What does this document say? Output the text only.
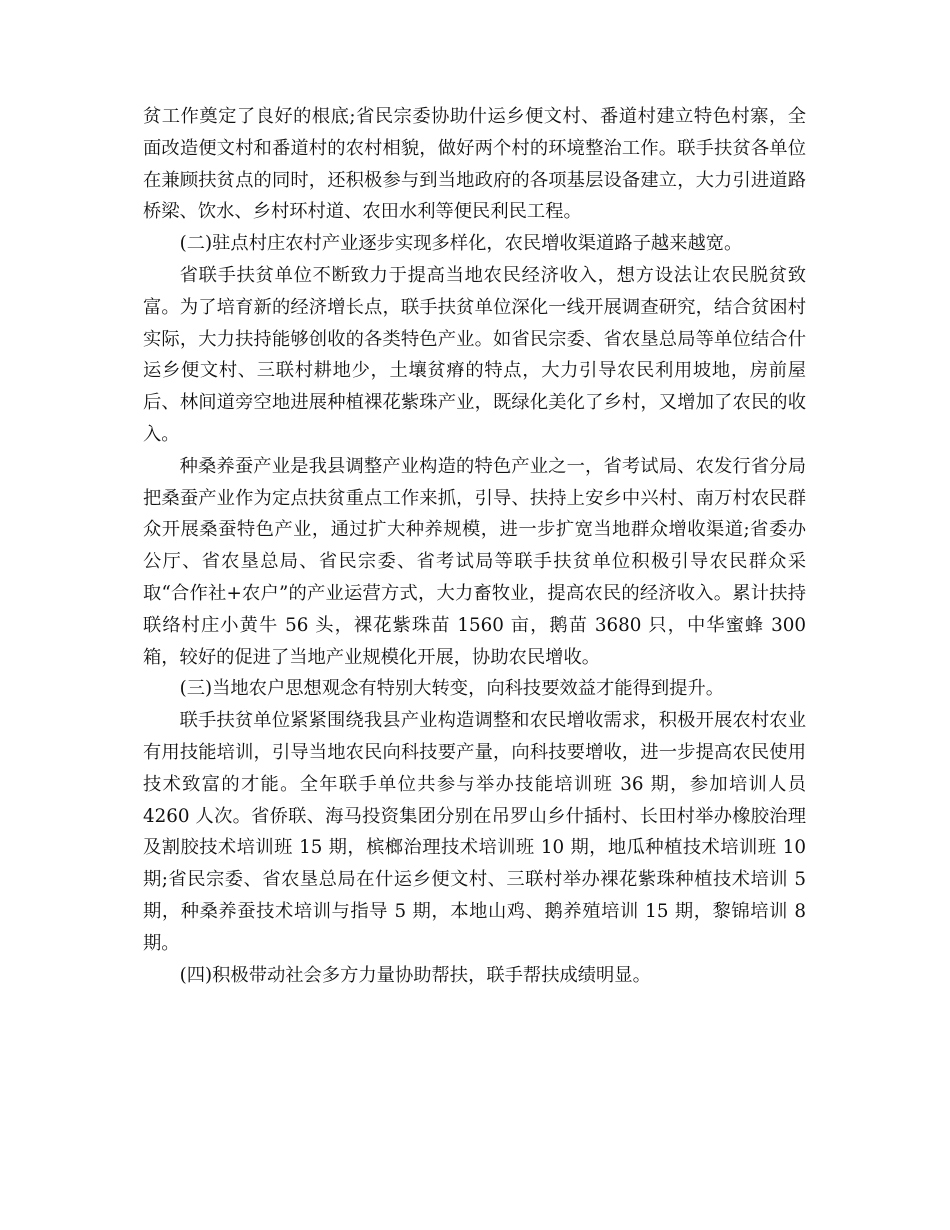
贫工作奠定了良好的根底;省民宗委协助什运乡便文村、番道村建立特色村寨，全面改造便文村和番道村的农村相貌，做好两个村的环境整治工作。联手扶贫各单位在兼顾扶贫点的同时，还积极参与到当地政府的各项基层设备建立，大力引进道路桥梁、饮水、乡村环村道、农田水利等便民利民工程。

(二)驻点村庄农村产业逐步实现多样化，农民增收渠道路子越来越宽。

省联手扶贫单位不断致力于提高当地农民经济收入，想方设法让农民脱贫致富。为了培育新的经济增长点，联手扶贫单位深化一线开展调查研究，结合贫困村实际，大力扶持能够创收的各类特色产业。如省民宗委、省农垦总局等单位结合什运乡便文村、三联村耕地少，土壤贫瘠的特点，大力引导农民利用坡地，房前屋后、林间道旁空地进展种植裸花紫珠产业，既绿化美化了乡村，又增加了农民的收入。

种桑养蚕产业是我县调整产业构造的特色产业之一，省考试局、农发行省分局把桑蚕产业作为定点扶贫重点工作来抓，引导、扶持上安乡中兴村、南万村农民群众开展桑蚕特色产业，通过扩大种养规模，进一步扩宽当地群众增收渠道;省委办公厅、省农垦总局、省民宗委、省考试局等联手扶贫单位积极引导农民群众采取“合作社+农户”的产业运营方式，大力畜牧业，提高农民的经济收入。累计扶持联络村庄小黄牛 56 头，裸花紫珠苗 1560 亩，鹅苗 3680 只，中华蜜蜂 300 箱，较好的促进了当地产业规模化开展，协助农民增收。

(三)当地农户思想观念有特别大转变，向科技要效益才能得到提升。

联手扶贫单位紧紧围绕我县产业构造调整和农民增收需求，积极开展农村农业有用技能培训，引导当地农民向科技要产量，向科技要增收，进一步提高农民使用技术致富的才能。全年联手单位共参与举办技能培训班 36 期，参加培训人员 4260 人次。省侨联、海马投资集团分别在吊罗山乡什插村、长田村举办橡胶治理及割胶技术培训班 15 期，槟榔治理技术培训班 10 期，地瓜种植技术培训班 10 期;省民宗委、省农垦总局在什运乡便文村、三联村举办裸花紫珠种植技术培训 5 期，种桑养蚕技术培训与指导 5 期，本地山鸡、鹅养殖培训 15 期，黎锦培训 8 期。

(四)积极带动社会多方力量协助帮扶，联手帮扶成绩明显。
